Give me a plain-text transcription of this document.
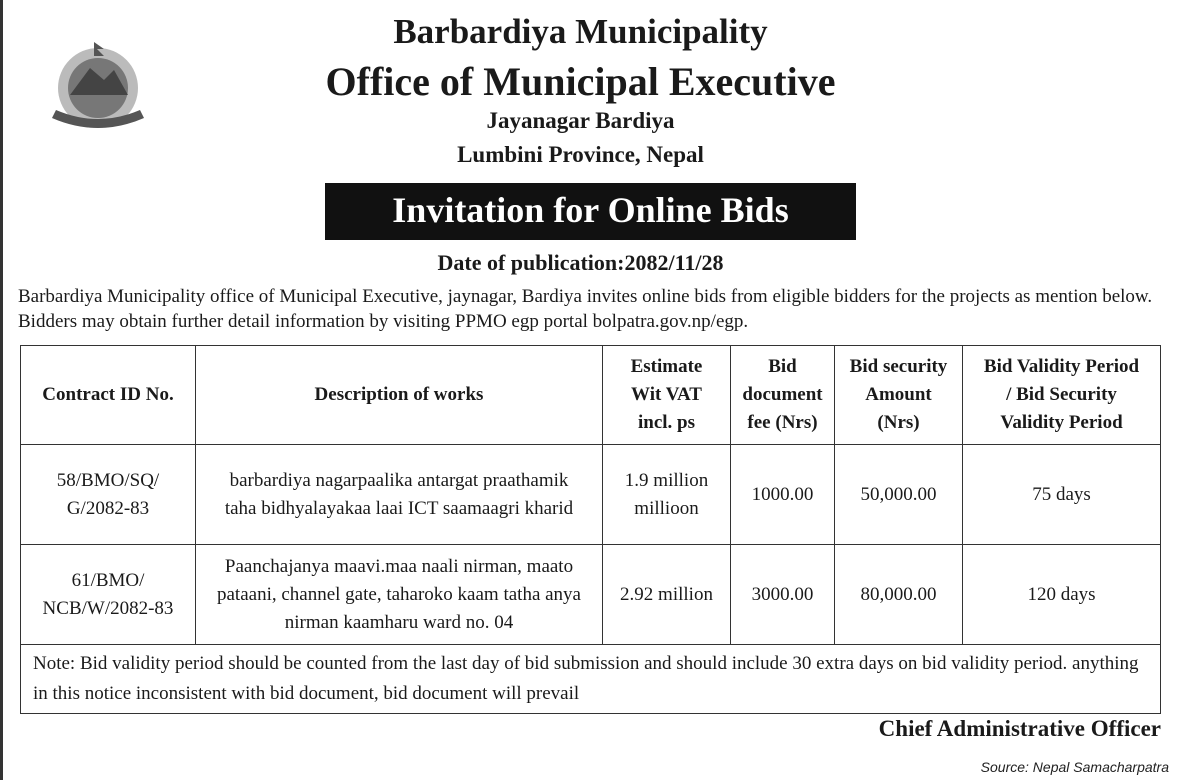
Barbardiya Municipality
Office of Municipal Executive
Jayanagar Bardiya
Lumbini Province, Nepal
Invitation for Online Bids
Date of publication:2082/11/28
Barbardiya Municipality office of Municipal Executive, jaynagar, Bardiya invites online bids from eligible bidders for the projects as mention below. Bidders may obtain further detail information by visiting PPMO egp portal bolpatra.gov.np/egp.
Contract ID No.	Description of works	Estimate Wit VAT incl. ps	Bid document fee (Nrs)	Bid security Amount (Nrs)	Bid Validity Period / Bid Security Validity Period
58/BMO/SQ/ G/2082-83	barbardiya nagarpaalika antargat praathamik taha bidhyalayakaa laai ICT saamaagri kharid	1.9 million millioon	1000.00	50,000.00	75 days
61/BMO/ NCB/W/2082-83	Paanchajanya maavi.maa naali nirman, maato pataani, channel gate, taharoko kaam tatha anya nirman kaamharu ward no. 04	2.92 million	3000.00	80,000.00	120 days
Note: Bid validity period should be counted from the last day of bid submission and should include 30 extra days on bid validity period. anything in this notice inconsistent with bid document, bid document will prevail					
Chief Administrative Officer
Source: Nepal Samacharpatra
